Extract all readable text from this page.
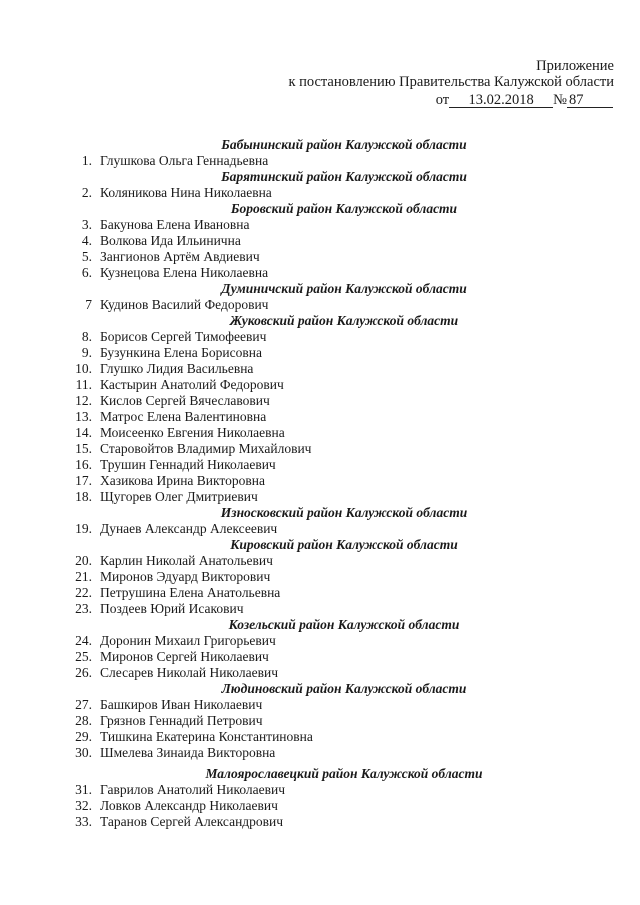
Приложение
к постановлению Правительства Калужской области
от 13.02.2018 № 87
Бабынинский район Калужской области
1. Глушкова Ольга Геннадьевна
Барятинский район Калужской области
2. Коляникова Нина Николаевна
Боровский район Калужской области
3. Бакунова Елена Ивановна
4. Волкова Ида Ильинична
5. Зангионов Артём Авдиевич
6. Кузнецова Елена Николаевна
Думиничский район Калужской области
7 Кудинов Василий Федорович
Жуковский район Калужской области
8. Борисов Сергей Тимофеевич
9. Бузункина Елена Борисовна
10. Глушко Лидия Васильевна
11. Кастырин Анатолий Федорович
12. Кислов Сергей Вячеславович
13. Матрос Елена Валентиновна
14. Моисеенко Евгения Николаевна
15. Старовойтов Владимир Михайлович
16. Трушин Геннадий Николаевич
17. Хазикова Ирина Викторовна
18. Щугорев Олег Дмитриевич
Износковский район Калужской области
19. Дунаев Александр Алексеевич
Кировский район Калужской области
20. Карлин Николай Анатольевич
21. Миронов Эдуард Викторович
22. Петрушина Елена Анатольевна
23. Поздеев Юрий Исакович
Козельский район Калужской области
24. Доронин Михаил Григорьевич
25. Миронов Сергей Николаевич
26. Слесарев Николай Николаевич
Людиновский район Калужской области
27. Башкиров Иван Николаевич
28. Грязнов Геннадий Петрович
29. Тишкина Екатерина Константиновна
30. Шмелева Зинаида Викторовна
Малоярославецкий район Калужской области
31. Гаврилов Анатолий Николаевич
32. Ловков Александр Николаевич
33. Таранов Сергей Александрович
